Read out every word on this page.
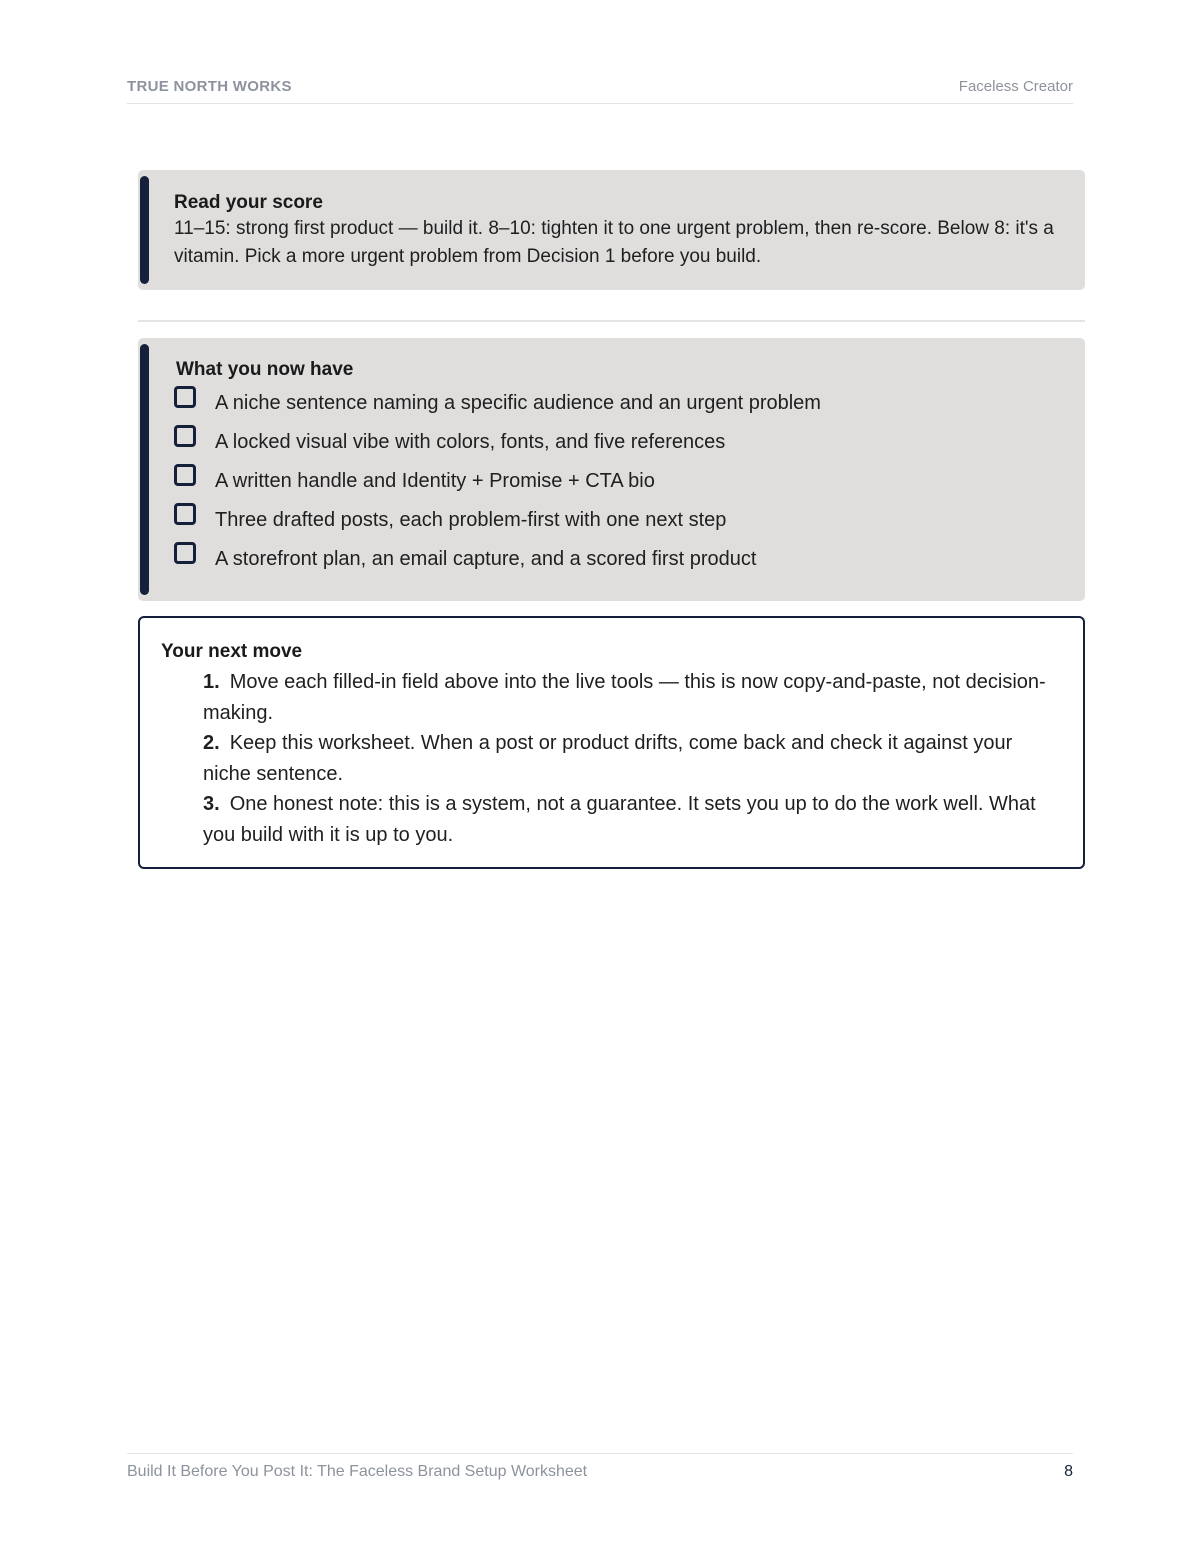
TRUE NORTH WORKS	Faceless Creator
Read your score
11–15: strong first product — build it. 8–10: tighten it to one urgent problem, then re-score. Below 8: it's a vitamin. Pick a more urgent problem from Decision 1 before you build.
What you now have
A niche sentence naming a specific audience and an urgent problem
A locked visual vibe with colors, fonts, and five references
A written handle and Identity + Promise + CTA bio
Three drafted posts, each problem-first with one next step
A storefront plan, an email capture, and a scored first product
Your next move
1. Move each filled-in field above into the live tools — this is now copy-and-paste, not decision-making.
2. Keep this worksheet. When a post or product drifts, come back and check it against your niche sentence.
3. One honest note: this is a system, not a guarantee. It sets you up to do the work well. What you build with it is up to you.
Build It Before You Post It: The Faceless Brand Setup Worksheet	8
